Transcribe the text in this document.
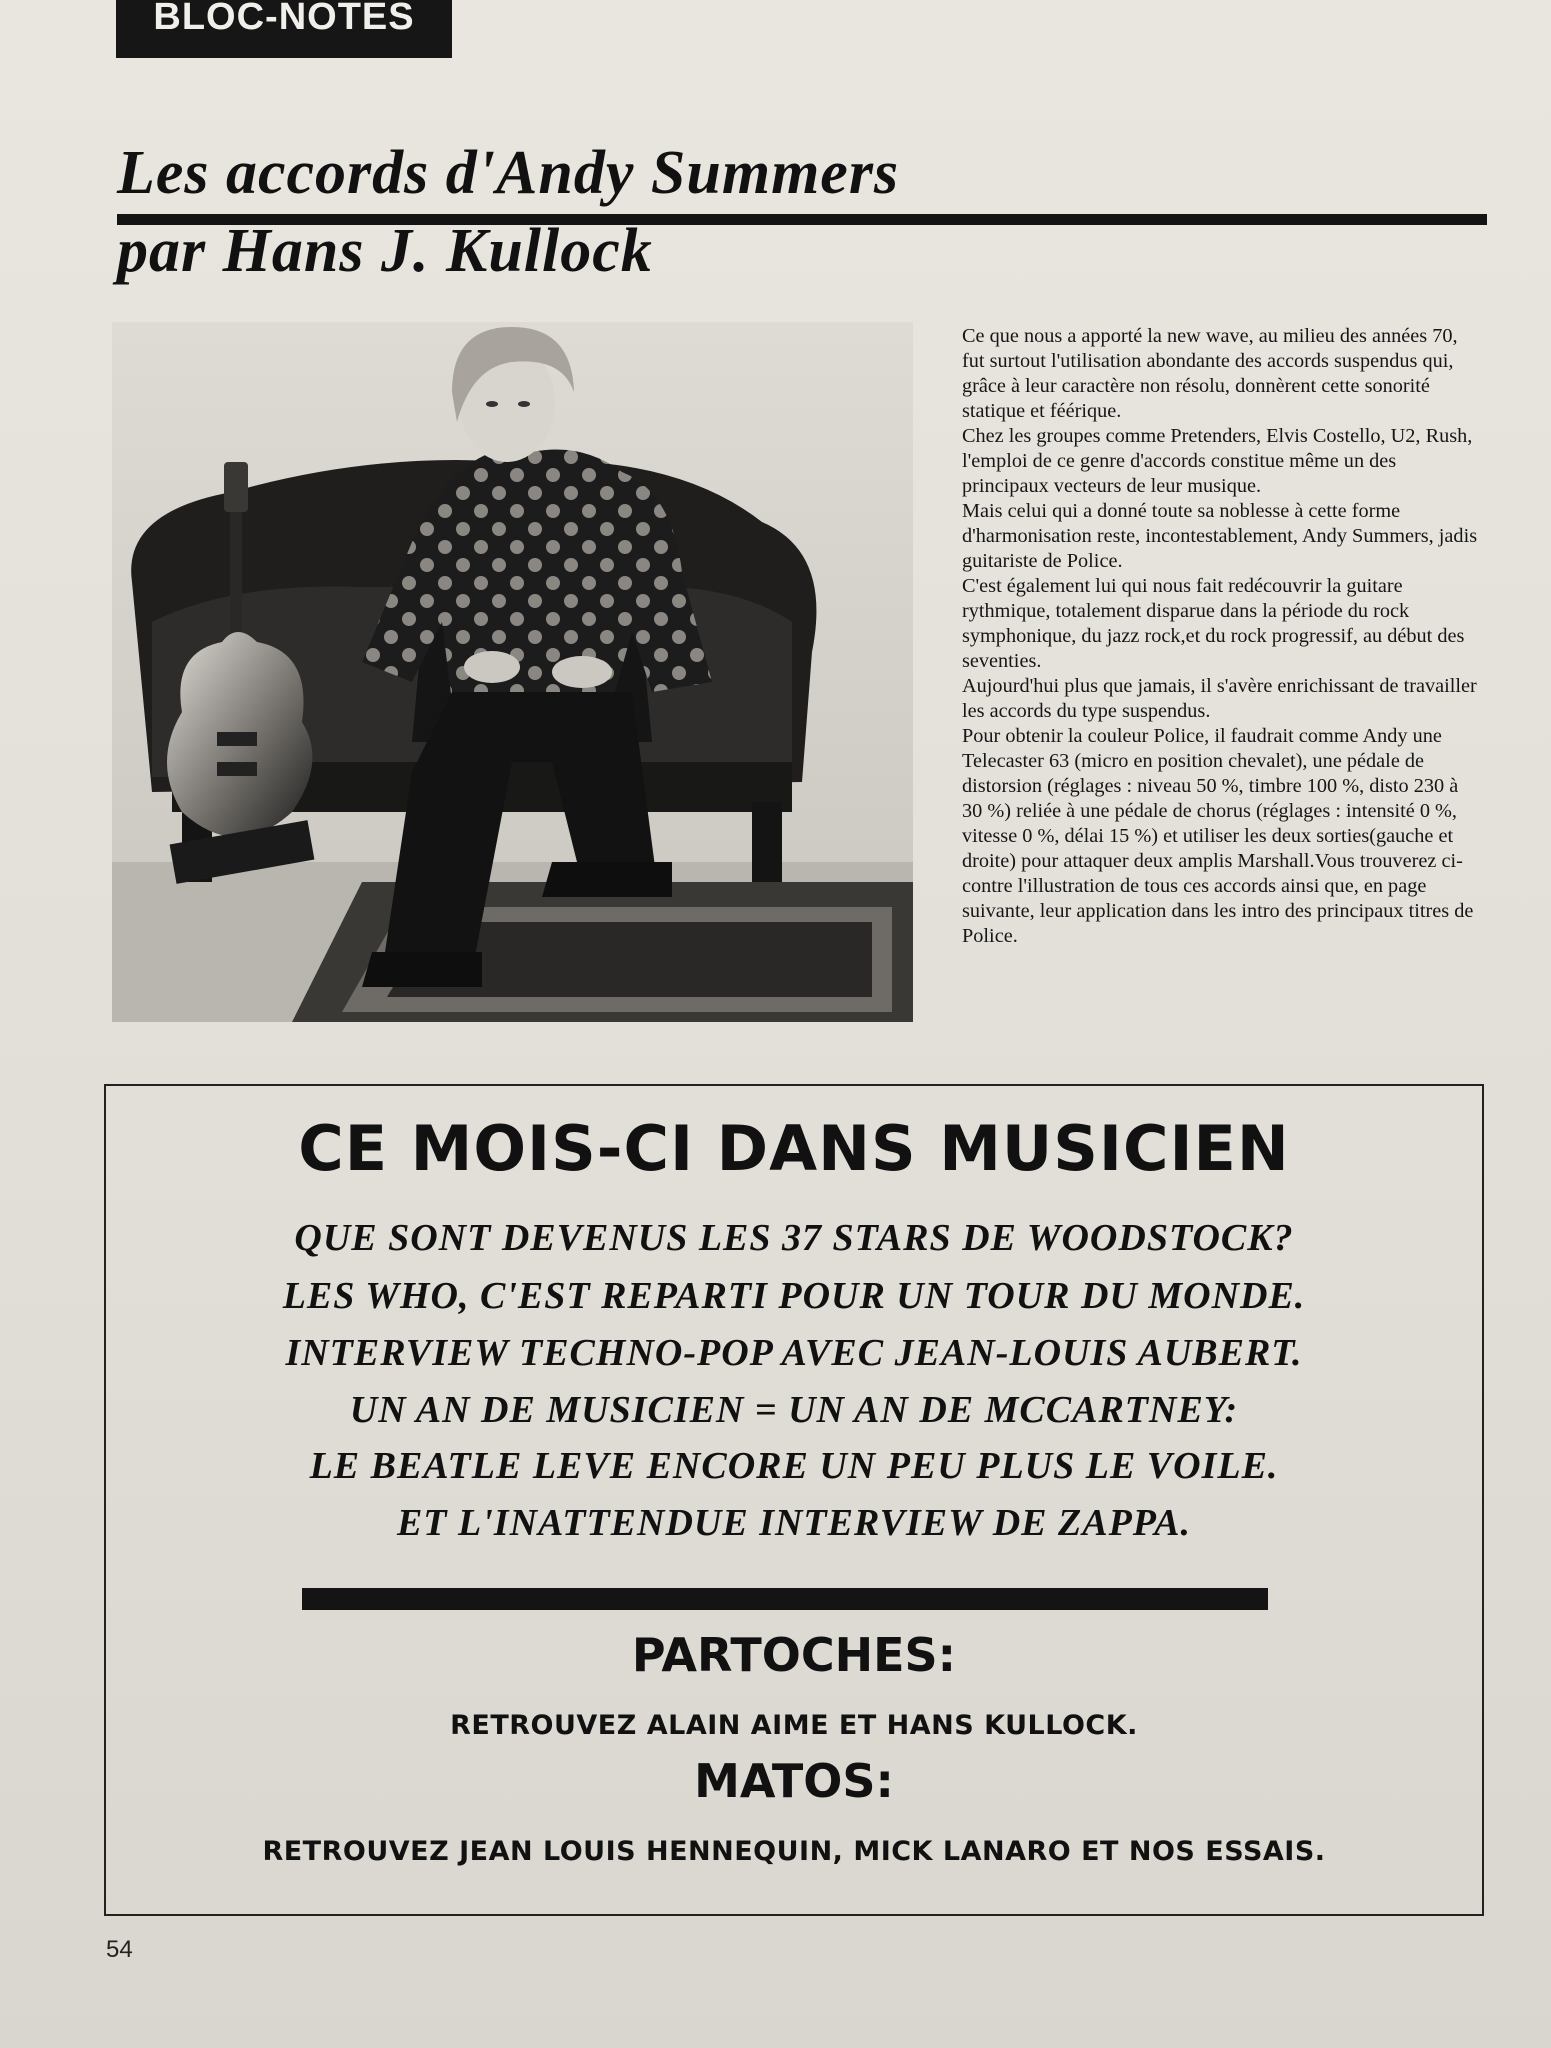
BLOC-NOTES
Les accords d'Andy Summers
par Hans J. Kullock

Ce que nous a apporté la new wave, au milieu des années 70, fut surtout l'utilisation abondante des accords suspendus qui, grâce à leur caractère non résolu, donnèrent cette sonorité statique et féérique.

Chez les groupes comme Pretenders, Elvis Costello, U2, Rush, l'emploi de ce genre d'accords constitue même un des principaux vecteurs de leur musique.

Mais celui qui a donné toute sa noblesse à cette forme d'harmonisation reste, incontestablement, Andy Summers, jadis guitariste de Police.

C'est également lui qui nous fait redécouvrir la guitare rythmique, totalement disparue dans la période du rock symphonique, du jazz rock,et du rock progressif, au début des seventies.

Aujourd'hui plus que jamais, il s'avère enrichissant de travailler les accords du type suspendus.

Pour obtenir la couleur Police, il faudrait comme Andy une Telecaster 63 (micro en position chevalet), une pédale de distorsion (réglages : niveau 50 %, timbre 100 %, disto 230 à 30 %) reliée à une pédale de chorus (réglages : intensité 0 %, vitesse 0 %, délai 15 %) et utiliser les deux sorties(gauche et droite) pour attaquer deux amplis Marshall.Vous trouverez ci-contre l'illustration de tous ces accords ainsi que, en page suivante, leur application dans les intro des principaux titres de Police.

CE MOIS-CI DANS MUSICIEN
QUE SONT DEVENUS LES 37 STARS DE WOODSTOCK?
LES WHO, C'EST REPARTI POUR UN TOUR DU MONDE.
INTERVIEW TECHNO-POP AVEC JEAN-LOUIS AUBERT.
UN AN DE MUSICIEN = UN AN DE MCCARTNEY:
LE BEATLE LEVE ENCORE UN PEU PLUS LE VOILE.
ET L'INATTENDUE INTERVIEW DE ZAPPA.
PARTOCHES:
RETROUVEZ ALAIN AIME ET HANS KULLOCK.
MATOS:
RETROUVEZ JEAN LOUIS HENNEQUIN, MICK LANARO ET NOS ESSAIS.
54
